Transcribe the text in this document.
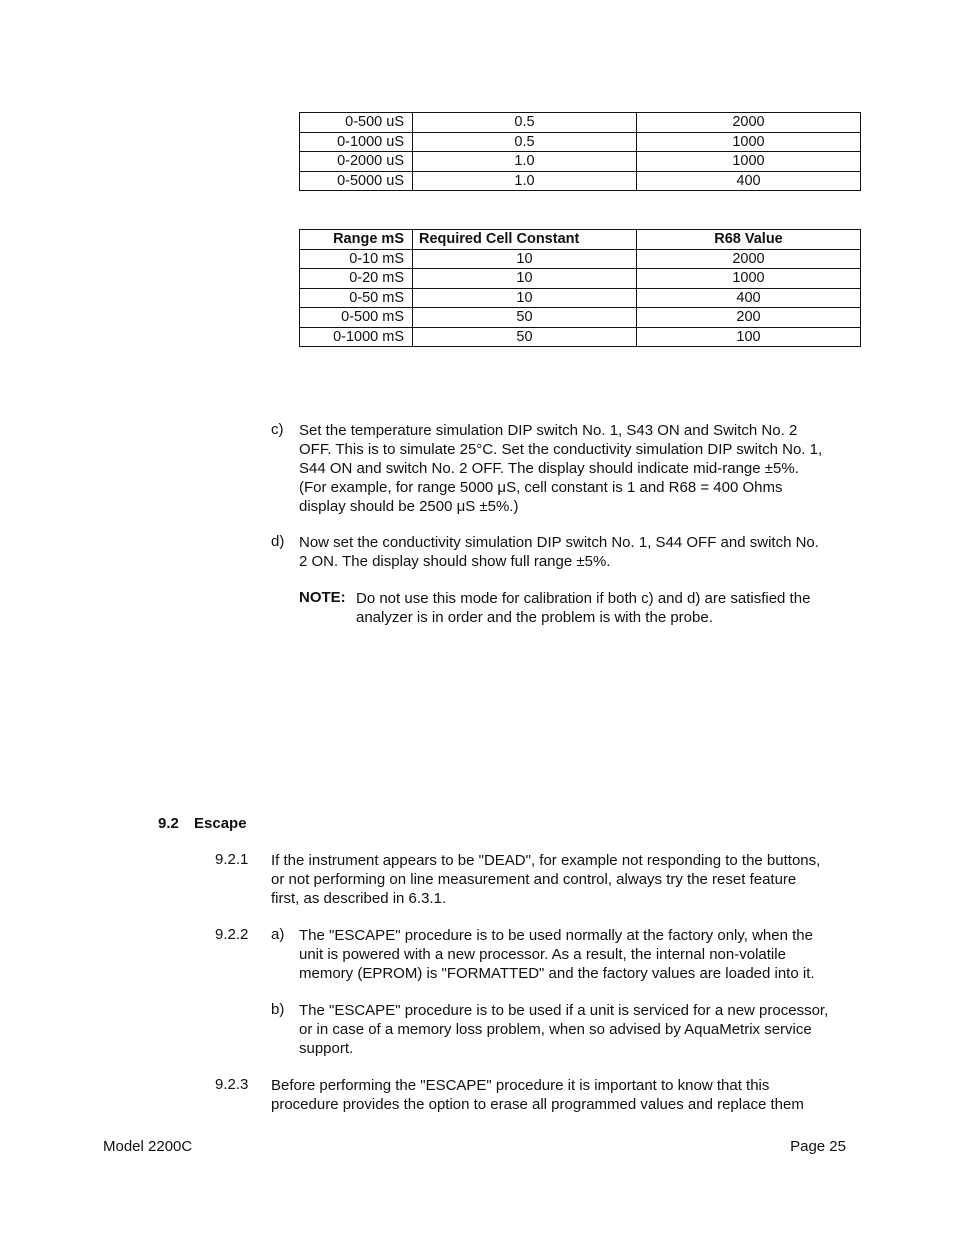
0-500 uS	0.5	2000
0-1000 uS	0.5	1000
0-2000 uS	1.0	1000
0-5000 uS	1.0	400
Range mS	Required Cell Constant	R68 Value
0-10 mS	10	2000
0-20 mS	10	1000
0-50 mS	10	400
0-500 mS	50	200
0-1000 mS	50	100
c) Set the temperature simulation DIP switch No. 1, S43 ON and Switch No. 2
OFF. This is to simulate 25°C. Set the conductivity simulation DIP switch No. 1,
S44 ON and switch No. 2 OFF. The display should indicate mid-range ±5%.
(For example, for range 5000 μS, cell constant is 1 and R68 = 400 Ohms
display should be 2500 μS ±5%.)
d) Now set the conductivity simulation DIP switch No. 1, S44 OFF and switch No.
2 ON. The display should show full range ±5%.
NOTE: Do not use this mode for calibration if both c) and d) are satisfied the
analyzer is in order and the problem is with the probe.
9.2 Escape
9.2.1 If the instrument appears to be "DEAD", for example not responding to the buttons,
or not performing on line measurement and control, always try the reset feature
first, as described in 6.3.1.
9.2.2 a) The "ESCAPE" procedure is to be used normally at the factory only, when the
unit is powered with a new processor. As a result, the internal non-volatile
memory (EPROM) is "FORMATTED" and the factory values are loaded into it.
b) The "ESCAPE" procedure is to be used if a unit is serviced for a new processor,
or in case of a memory loss problem, when so advised by AquaMetrix service
support.
9.2.3 Before performing the "ESCAPE" procedure it is important to know that this
procedure provides the option to erase all programmed values and replace them
Model 2200C	Page 25
